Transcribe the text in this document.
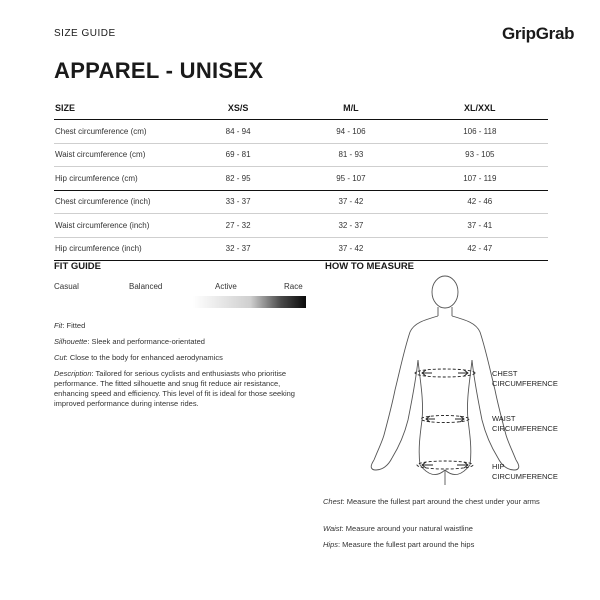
SIZE GUIDE	GripGrab
APPAREL - UNISEX
SIZE	XS/S	M/L	XL/XXL
Chest circumference (cm)	84 - 94	94 - 106	106 - 118
Waist circumference (cm)	69 - 81	81 - 93	93 - 105
Hip circumference (cm)	82 - 95	95 - 107	107 - 119
Chest circumference (inch)	33 - 37	37 - 42	42 - 46
Waist circumference (inch)	27 - 32	32 - 37	37 - 41
Hip circumference (inch)	32 - 37	37 - 42	42 - 47
FIT GUIDE
Casual	Balanced	Active	Race
Fit: Fitted
Silhouette: Sleek and performance-orientated
Cut: Close to the body for enhanced aerodynamics
Description: Tailored for serious cyclists and enthusiasts who prioritise performance. The fitted silhouette and snug fit reduce air resistance, enhancing speed and efficiency. This level of fit is ideal for those seeking improved performance during intense rides.
HOW TO MEASURE
CHEST
CIRCUMFERENCE
WAIST
CIRCUMFERENCE
HIP
CIRCUMFERENCE
Chest: Measure the fullest part around the chest under your arms
Waist: Measure around your natural waistline
Hips: Measure the fullest part around the hips
